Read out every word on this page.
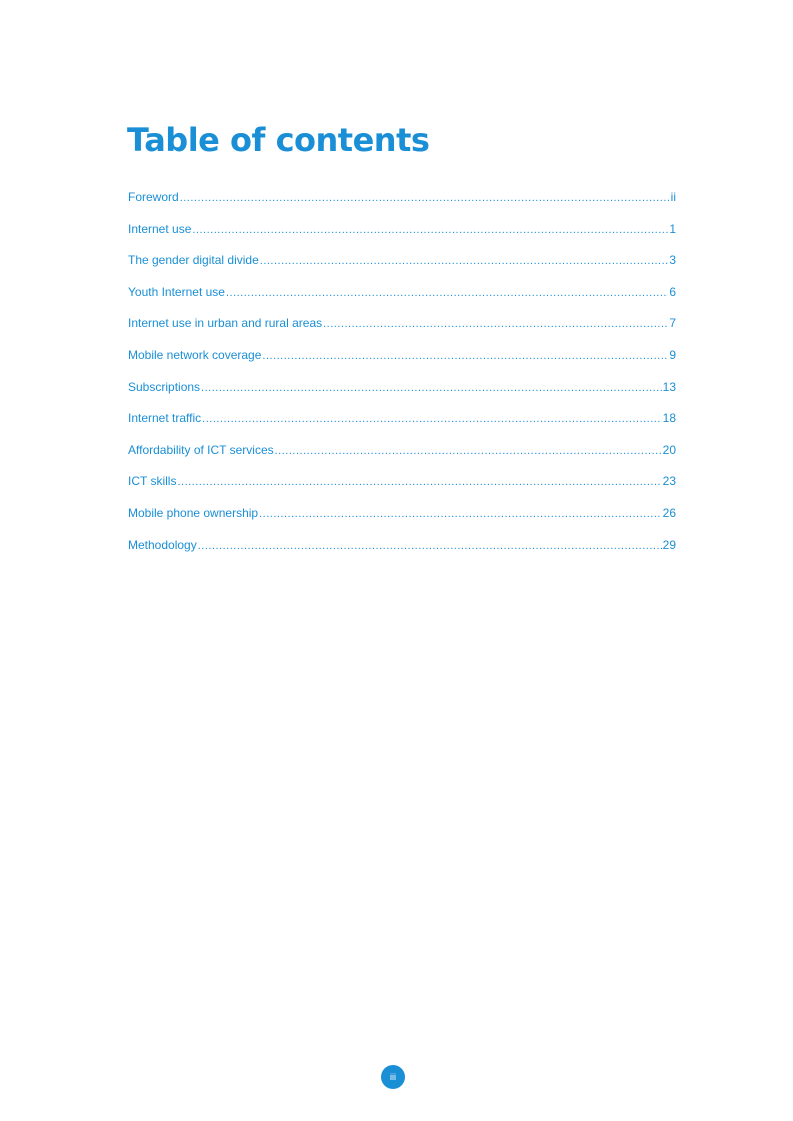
Table of contents
Foreword .....	ii
Internet use .....	1
The gender digital divide .....	3
Youth Internet use .....	6
Internet use in urban and rural areas .....	7
Mobile network coverage .....	9
Subscriptions .....	13
Internet traffic .....	18
Affordability of ICT services .....	20
ICT skills .....	23
Mobile phone ownership .....	26
Methodology .....	29
iii
